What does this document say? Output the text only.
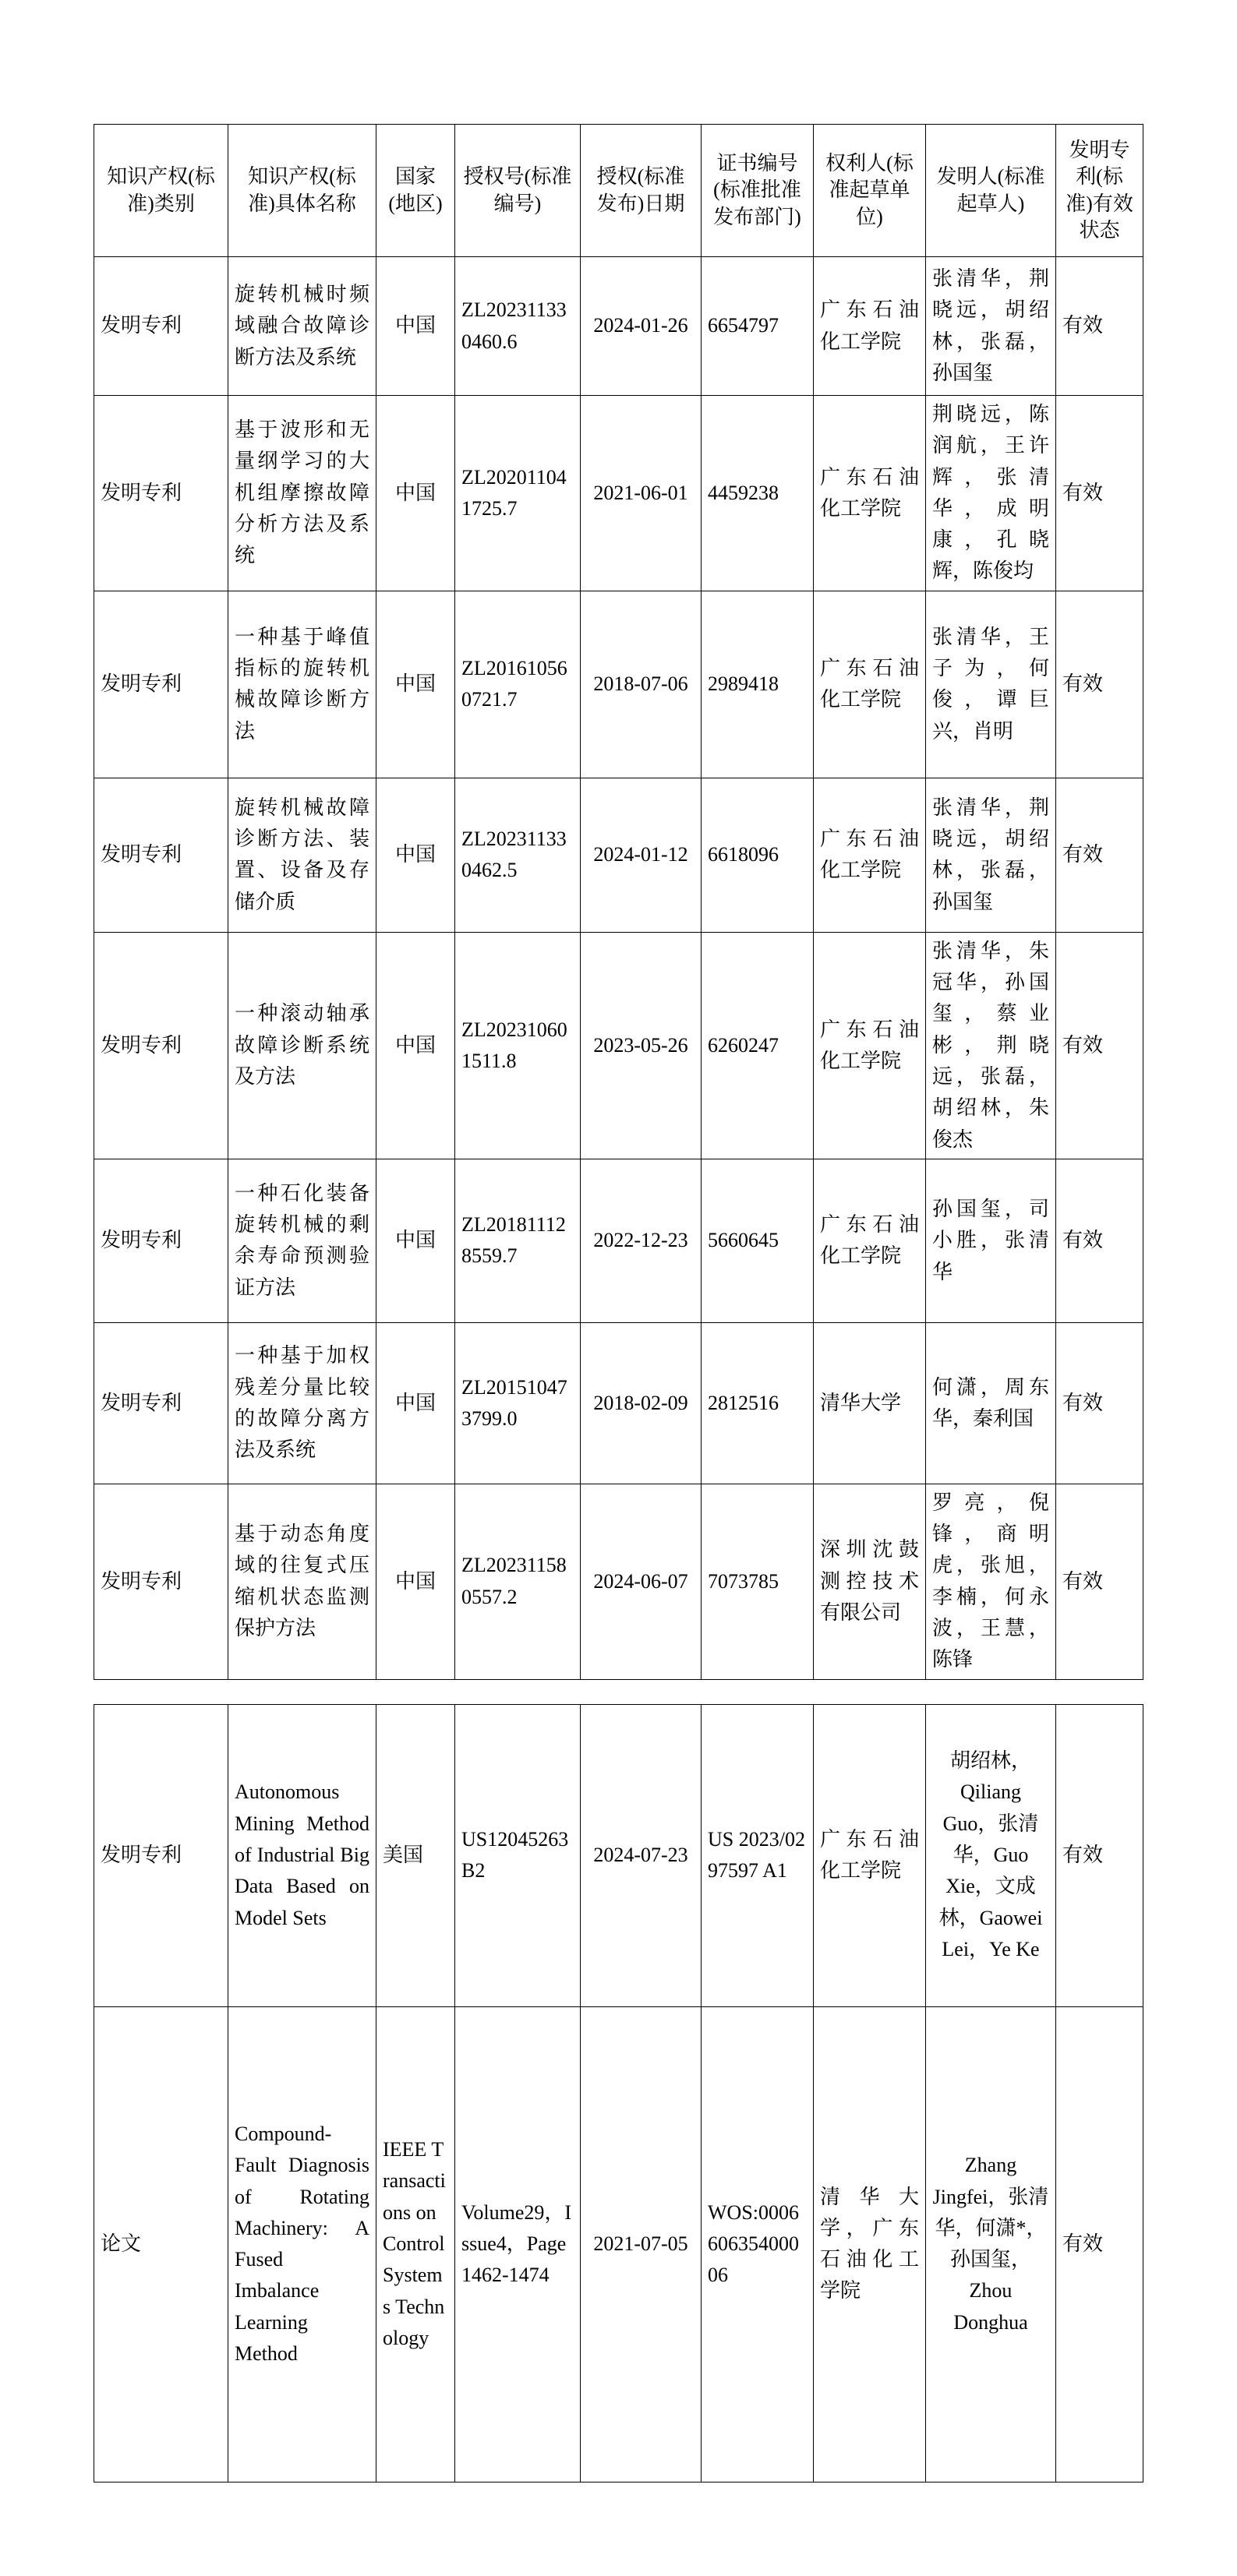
知识产权(标准)类别	知识产权(标准)具体名称	国家(地区)	授权号(标准编号)	授权(标准发布)日期	证书编号(标准批准发布部门)	权利人(标准起草单位)	发明人(标准起草人)	发明专利(标准)有效状态
发明专利	旋转机械时频域融合故障诊断方法及系统	中国	ZL202311330460.6	2024-01-26	6654797	广东石油化工学院	张清华，荆晓远，胡绍林，张磊，孙国玺	有效
发明专利	基于波形和无量纲学习的大机组摩擦故障分析方法及系统	中国	ZL202011041725.7	2021-06-01	4459238	广东石油化工学院	荆晓远，陈润航，王许辉，张清华，成明康，孔晓辉，陈俊均	有效
发明专利	一种基于峰值指标的旋转机械故障诊断方法	中国	ZL201610560721.7	2018-07-06	2989418	广东石油化工学院	张清华，王子为，何俊，谭巨兴，肖明	有效
发明专利	旋转机械故障诊断方法、装置、设备及存储介质	中国	ZL202311330462.5	2024-01-12	6618096	广东石油化工学院	张清华，荆晓远，胡绍林，张磊，孙国玺	有效
发明专利	一种滚动轴承故障诊断系统及方法	中国	ZL202310601511.8	2023-05-26	6260247	广东石油化工学院	张清华，朱冠华，孙国玺，蔡业彬，荆晓远，张磊，胡绍林，朱俊杰	有效
发明专利	一种石化装备旋转机械的剩余寿命预测验证方法	中国	ZL201811128559.7	2022-12-23	5660645	广东石油化工学院	孙国玺，司小胜，张清华	有效
发明专利	一种基于加权残差分量比较的故障分离方法及系统	中国	ZL201510473799.0	2018-02-09	2812516	清华大学	何潇，周东华，秦利国	有效
发明专利	基于动态角度域的往复式压缩机状态监测保护方法	中国	ZL202311580557.2	2024-06-07	7073785	深圳沈鼓测控技术有限公司	罗亮，倪锋，商明虎，张旭，李楠，何永波，王慧，陈锋	有效
发明专利	Autonomous Mining Method of Industrial Big Data Based on Model Sets	美国	US12045263B2	2024-07-23	US 2023/0297597 A1	广东石油化工学院	胡绍林，Qiliang Guo，张清华，Guo Xie，文成林，Gaowei Lei，Ye Ke	有效
论文	Compound-Fault Diagnosis of Rotating Machinery: A Fused Imbalance Learning Method	IEEE Transactions on Control Systems Technology	Volume29，Issue4，Page1462-1474	2021-07-05	WOS:000660635400006	清华大学，广东石油化工学院	Zhang Jingfei，张清华，何潇*，孙国玺，Zhou Donghua	有效
